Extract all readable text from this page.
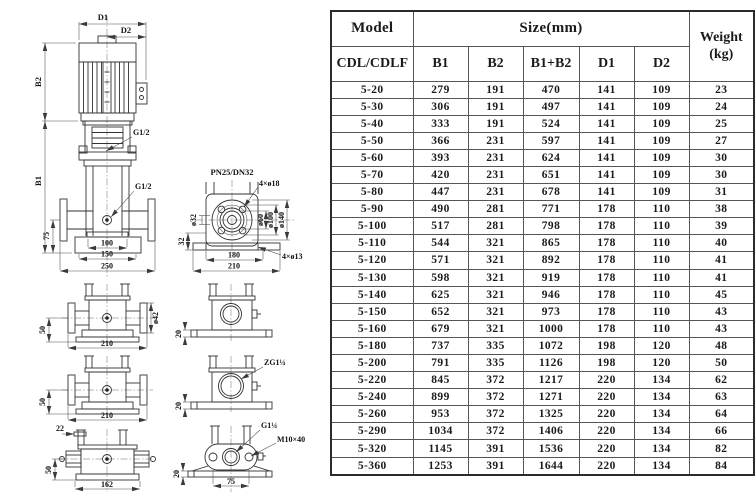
D1
D2
B2
B1
75
G1/2
G1/2
100
150
250
PN25/DN32
4×ø18
ø60 ø100 ø140
ø32
32
4×ø13
180
210
ø42
50
210
50
210
22
50
162
20
ZG1¼
20
G1¼
M10×40
75
20
Model	Size(mm)					Weight
(kg)

CDL/CDLF	B1	B2	B1+B2	D1	D2	
5-20	279	191	470	141	109	23
5-30	306	191	497	141	109	24
5-40	333	191	524	141	109	25
5-50	366	231	597	141	109	27
5-60	393	231	624	141	109	30
5-70	420	231	651	141	109	30
5-80	447	231	678	141	109	31
5-90	490	281	771	178	110	38
5-100	517	281	798	178	110	39
5-110	544	321	865	178	110	40
5-120	571	321	892	178	110	41
5-130	598	321	919	178	110	41
5-140	625	321	946	178	110	45
5-150	652	321	973	178	110	43
5-160	679	321	1000	178	110	43
5-180	737	335	1072	198	120	48
5-200	791	335	1126	198	120	50
5-220	845	372	1217	220	134	62
5-240	899	372	1271	220	134	63
5-260	953	372	1325	220	134	64
5-290	1034	372	1406	220	134	66
5-320	1145	391	1536	220	134	82
5-360	1253	391	1644	220	134	84
